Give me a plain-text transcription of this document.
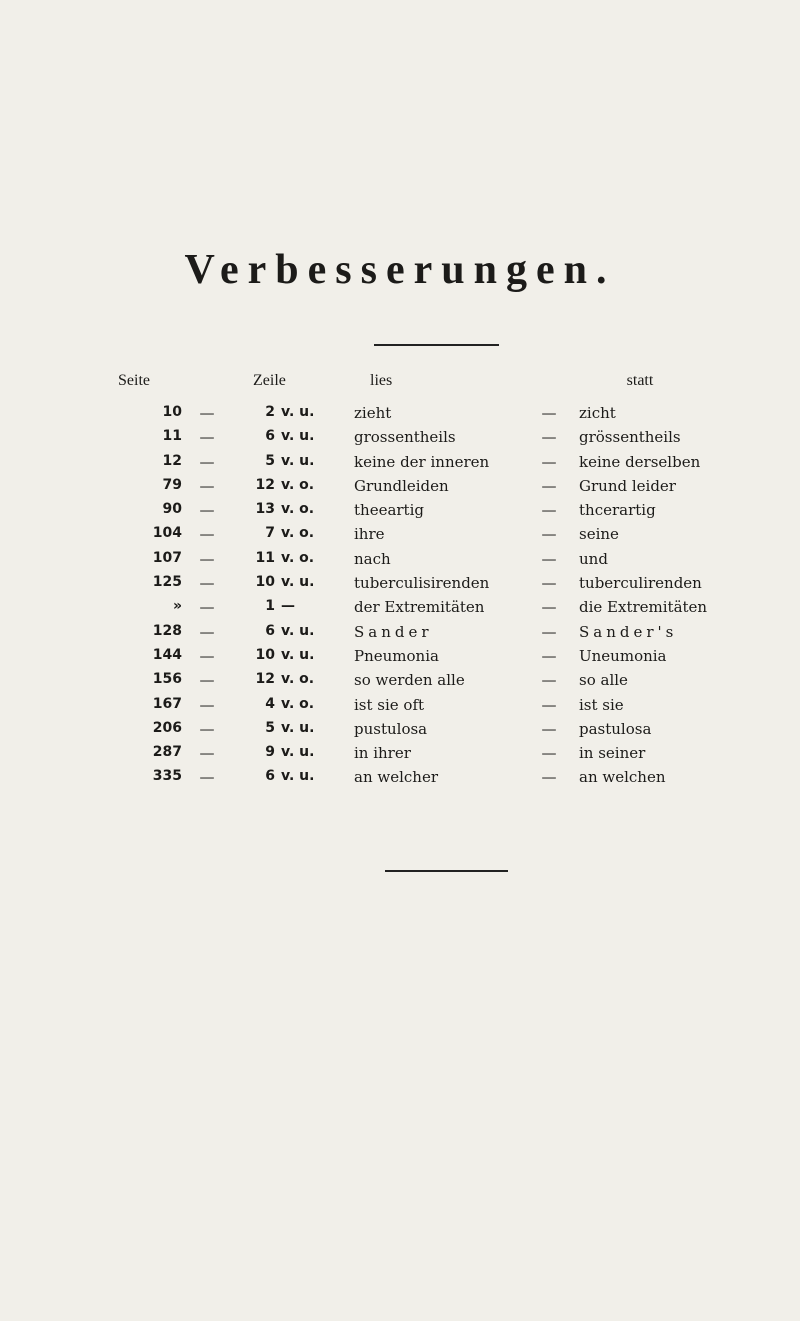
Verbesserungen.
Seite	Zeile	lies	statt
10	—	2 v. u.	zieht	—	zicht
11	—	6 v. u.	grossentheils	—	grössentheils
12	—	5 v. u.	keine der inneren	—	keine derselben
79	—	12 v. o.	Grundleiden	—	Grund leider
90	—	13 v. o.	theeartig	—	thcerartig
104	—	7 v. o.	ihre	—	seine
107	—	11 v. o.	nach	—	und
125	—	10 v. u.	tuberculisirenden	—	tuberculirenden
»	—	1 —	der Extremitäten	—	die Extremitäten
128	—	6 v. u.	Sander	—	Sander's
144	—	10 v. u.	Pneumonia	—	Uneumonia
156	—	12 v. o.	so werden alle	—	so alle
167	—	4 v. o.	ist sie oft	—	ist sie
206	—	5 v. u.	pustulosa	—	pastulosa
287	—	9 v. u.	in ihrer	—	in seiner
335	—	6 v. u.	an welcher	—	an welchen
